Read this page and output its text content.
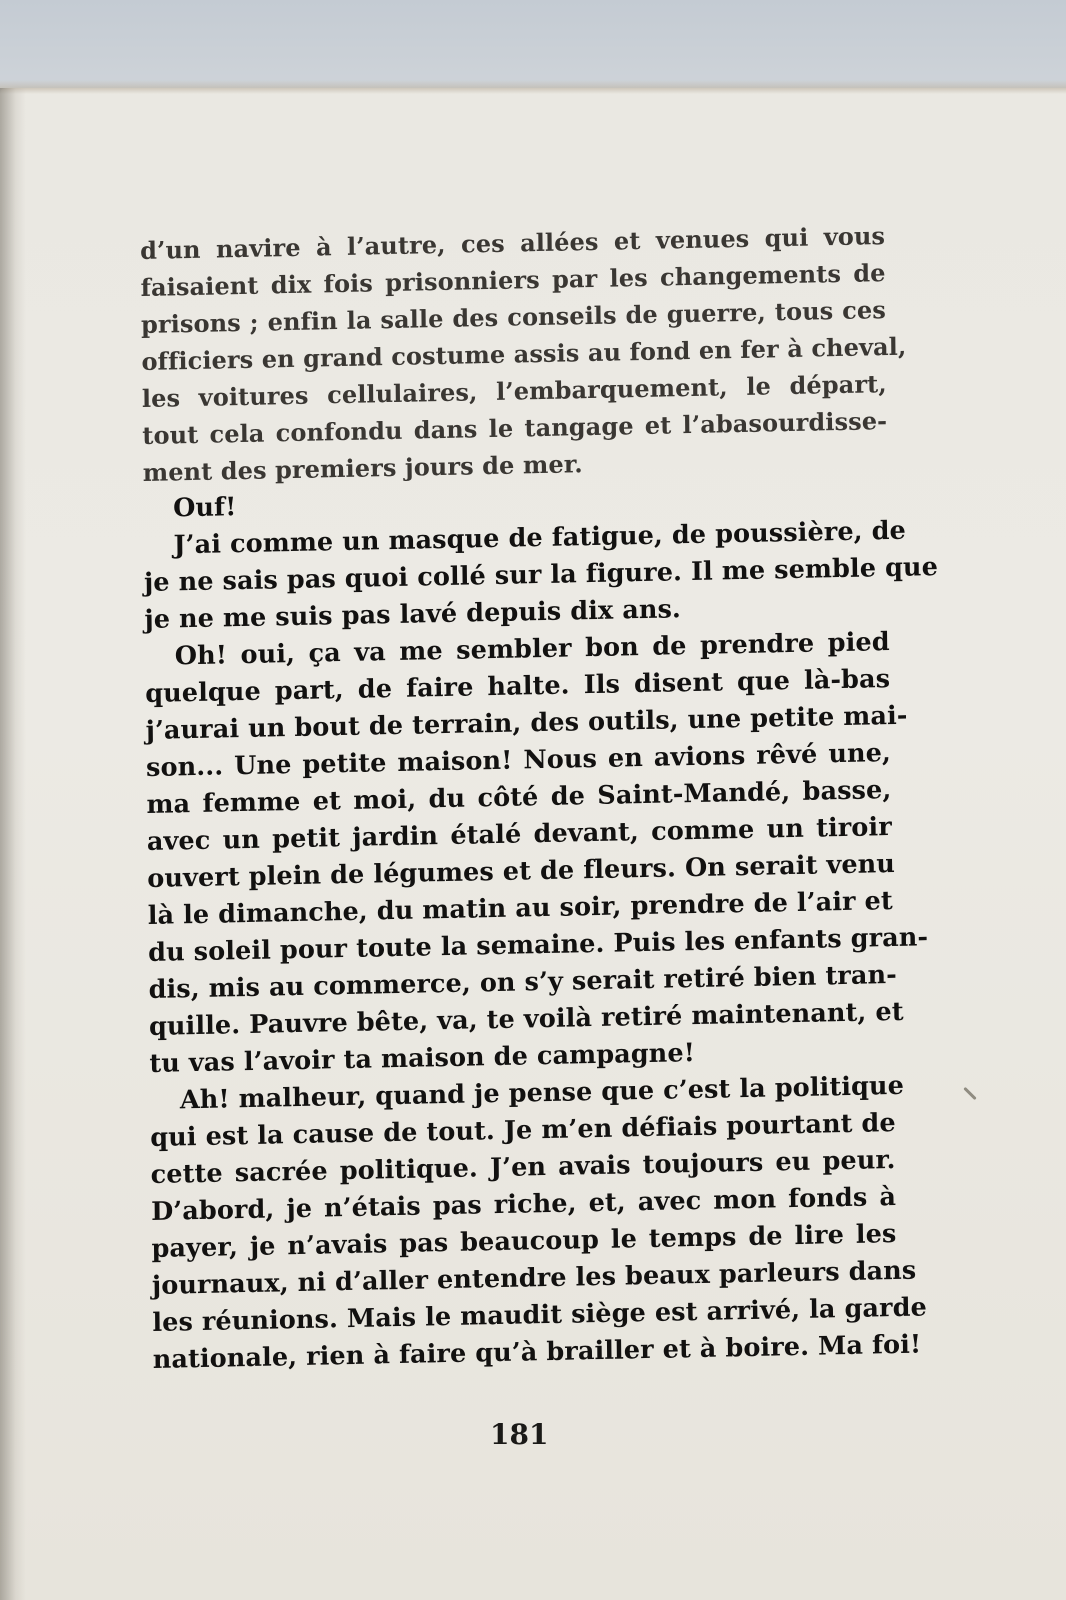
d’un navire à l’autre, ces allées et venues qui vous
faisaient dix fois prisonniers par les changements de
prisons ; enfin la salle des conseils de guerre, tous ces
officiers en grand costume assis au fond en fer à cheval,
les voitures cellulaires, l’embarquement, le départ,
tout cela confondu dans le tangage et l’abasourdisse-
ment des premiers jours de mer.
Ouf!
J’ai comme un masque de fatigue, de poussière, de
je ne sais pas quoi collé sur la figure. Il me semble que
je ne me suis pas lavé depuis dix ans.
Oh! oui, ça va me sembler bon de prendre pied
quelque part, de faire halte. Ils disent que là-bas
j’aurai un bout de terrain, des outils, une petite mai-
son... Une petite maison! Nous en avions rêvé une,
ma femme et moi, du côté de Saint-Mandé, basse,
avec un petit jardin étalé devant, comme un tiroir
ouvert plein de légumes et de fleurs. On serait venu
là le dimanche, du matin au soir, prendre de l’air et
du soleil pour toute la semaine. Puis les enfants gran-
dis, mis au commerce, on s’y serait retiré bien tran-
quille. Pauvre bête, va, te voilà retiré maintenant, et
tu vas l’avoir ta maison de campagne!
Ah! malheur, quand je pense que c’est la politique
qui est la cause de tout. Je m’en défiais pourtant de
cette sacrée politique. J’en avais toujours eu peur.
D’abord, je n’étais pas riche, et, avec mon fonds à
payer, je n’avais pas beaucoup le temps de lire les
journaux, ni d’aller entendre les beaux parleurs dans
les réunions. Mais le maudit siège est arrivé, la garde
nationale, rien à faire qu’à brailler et à boire. Ma foi!
181
